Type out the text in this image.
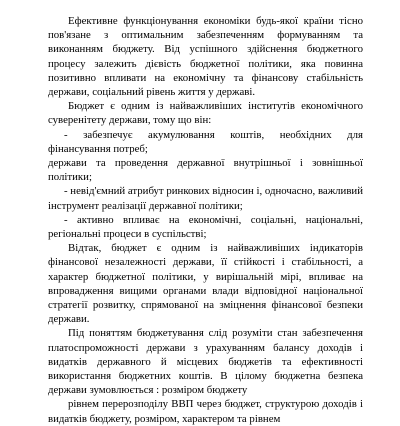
Ефективне функціонування економіки будь-якої країни тісно пов'язане з оптимальним забезпеченням формуванням та виконанням бюджету. Від успішного здійснення бюджетного процесу залежить дієвість бюджетної політики, яка повинна позитивно впливати на економічну та фінансову стабільність держави, соціальний рівень життя у державі.

Бюджет є одним із найважливіших інститутів економічного суверенітету держави, тому що він:

- забезпечує акумулювання коштів, необхідних для фінансування потреб;

держави та проведення державної внутрішньої і зовнішньої політики;

- невід'ємний атрибут ринкових відносин і, одночасно, важливий інструмент реалізації державної політики;

- активно впливає на економічні, соціальні, національні, регіональні процеси в суспільстві;

Відтак, бюджет є одним із найважливіших індикаторів фінансової незалежності держави, її стійкості і стабільності, а характер бюджетної політики, у вирішальній мірі, впливає на впровадження вищими органами влади відповідної національної стратегії розвитку, спрямованої на зміцнення фінансової безпеки держави.

Під поняттям бюджетування слід розуміти стан забезпечення платоспроможності держави з урахуванням балансу доходів і видатків державного й місцевих бюджетів та ефективності використання бюджетних коштів. В цілому бюджетна безпека держави зумовлюється : розміром бюджету

рівнем перерозподілу ВВП через бюджет, структурою доходів і видатків бюджету, розміром, характером та рівнем
